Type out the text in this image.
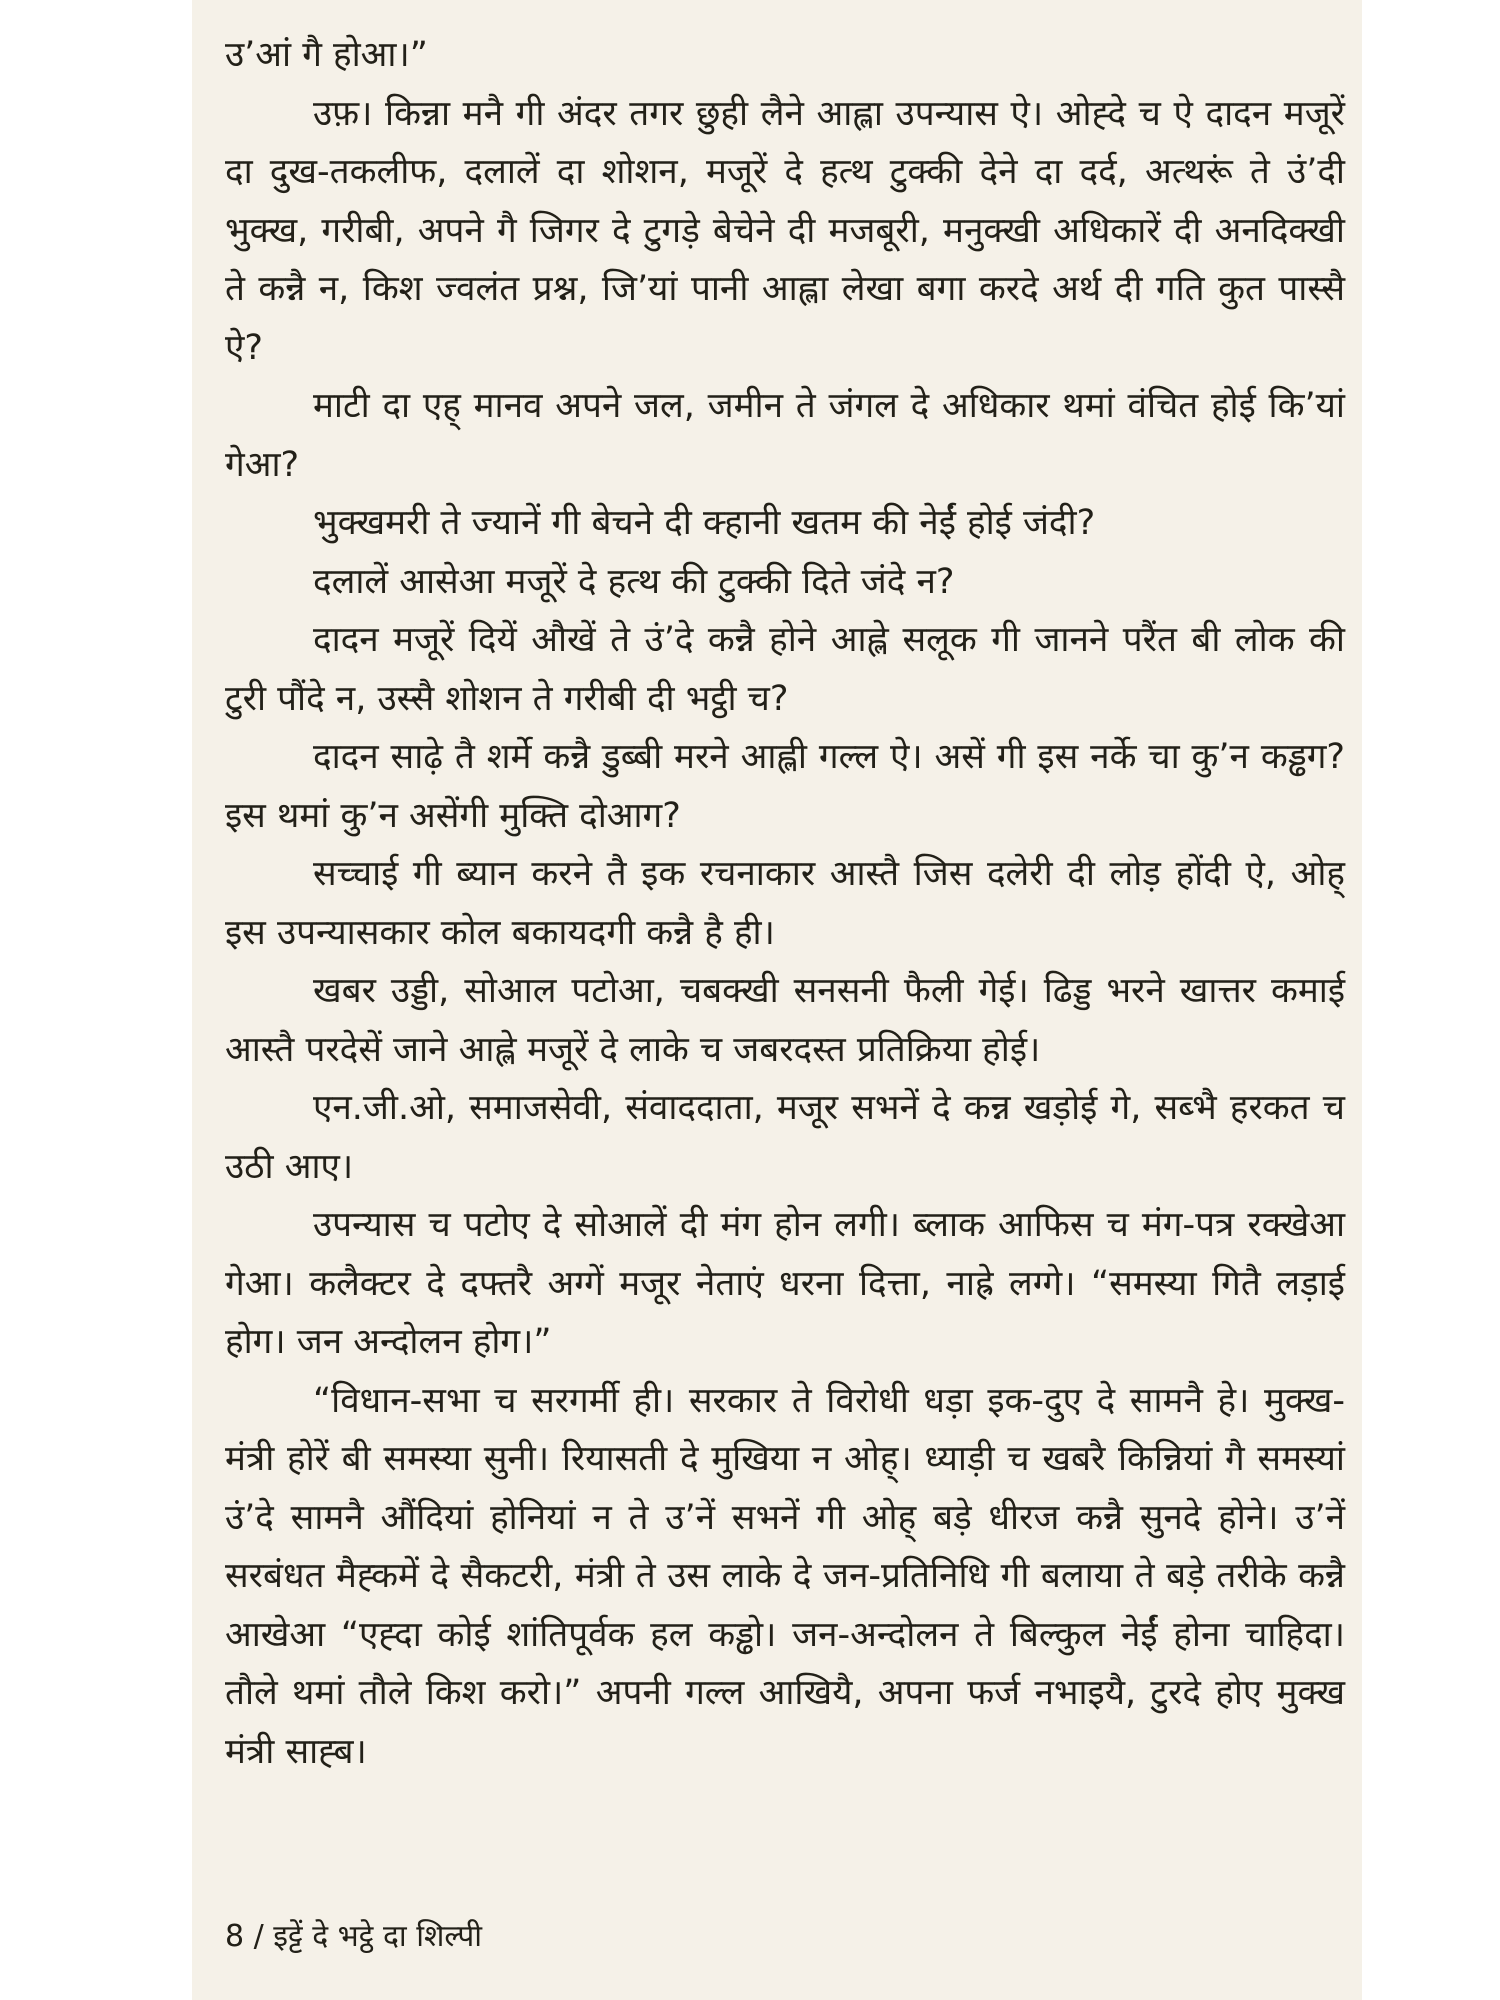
उ’आं गै होआ।”

उफ़। किन्ना मनै गी अंदर तगर छुही लैने आह्ला उपन्यास ऐ। ओह्दे च ऐ दादन मजूरें दा दुख-तकलीफ, दलालें दा शोशन, मजूरें दे हत्थ टुक्की देने दा दर्द, अत्थरूं ते उं’दी भुक्ख, गरीबी, अपने गै जिगर दे टुगड़े बेचेने दी मजबूरी, मनुक्खी अधिकारें दी अनदिक्खी ते कन्नै न, किश ज्वलंत प्रश्न, जि’यां पानी आह्ला लेखा बगा करदे अर्थ दी गति कुत पास्सै ऐ?

माटी दा एह् मानव अपने जल, जमीन ते जंगल दे अधिकार थमां वंचित होई कि’यां गेआ?

भुक्खमरी ते ज्यानें गी बेचने दी क्हानी खतम की नेईं होई जंदी?

दलालें आसेआ मजूरें दे हत्थ की टुक्की दिते जंदे न?

दादन मजूरें दियें औखें ते उं’दे कन्नै होने आह्ले सलूक गी जानने परैंत बी लोक की टुरी पौंदे न, उस्सै शोशन ते गरीबी दी भट्ठी च?

दादन साढ़े तै शर्मे कन्नै डुब्बी मरने आह्ली गल्ल ऐ। असें गी इस नर्के चा कु’न कड्ढग? इस थमां कु’न असेंगी मुक्ति दोआग?

सच्चाई गी ब्यान करने तै इक रचनाकार आस्तै जिस दलेरी दी लोड़ होंदी ऐ, ओह् इस उपन्यासकार कोल बकायदगी कन्नै है ही।

खबर उड्डी, सोआल पटोआ, चबक्खी सनसनी फैली गेई। ढिड्ड भरने खात्तर कमाई आस्तै परदेसें जाने आह्ले मजूरें दे लाके च जबरदस्त प्रतिक्रिया होई।

एन.जी.ओ, समाजसेवी, संवाददाता, मजूर सभनें दे कन्न खड़ोई गे, सब्भै हरकत च उठी आए।

उपन्यास च पटोए दे सोआलें दी मंग होन लगी। ब्लाक आफिस च मंग-पत्र रक्खेआ गेआ। कलैक्टर दे दफ्तरै अग्गें मजूर नेताएं धरना दित्ता, नाह्रे लग्गे। “समस्या गितै लड़ाई होग। जन अन्दोलन होग।”

“विधान-सभा च सरगर्मी ही। सरकार ते विरोधी धड़ा इक-दुए दे सामनै हे। मुक्ख-मंत्री होरें बी समस्या सुनी। रियासती दे मुखिया न ओह्। ध्याड़ी च खबरै किन्नियां गै समस्यां उं’दे सामनै औंदियां होनियां न ते उ’नें सभनें गी ओह् बड़े धीरज कन्नै सुनदे होने। उ’नें सरबंधत मैह्कमें दे सैकटरी, मंत्री ते उस लाके दे जन-प्रतिनिधि गी बलाया ते बड़े तरीके कन्नै आखेआ “एह्दा कोई शांतिपूर्वक हल कड्ढो। जन-अन्दोलन ते बिल्कुल नेईं होना चाहिदा। तौले थमां तौले किश करो।” अपनी गल्ल आखियै, अपना फर्ज नभाइयै, टुरदे होए मुक्ख मंत्री साह्ब।

8 / इट्टें दे भट्ठे दा शिल्पी
